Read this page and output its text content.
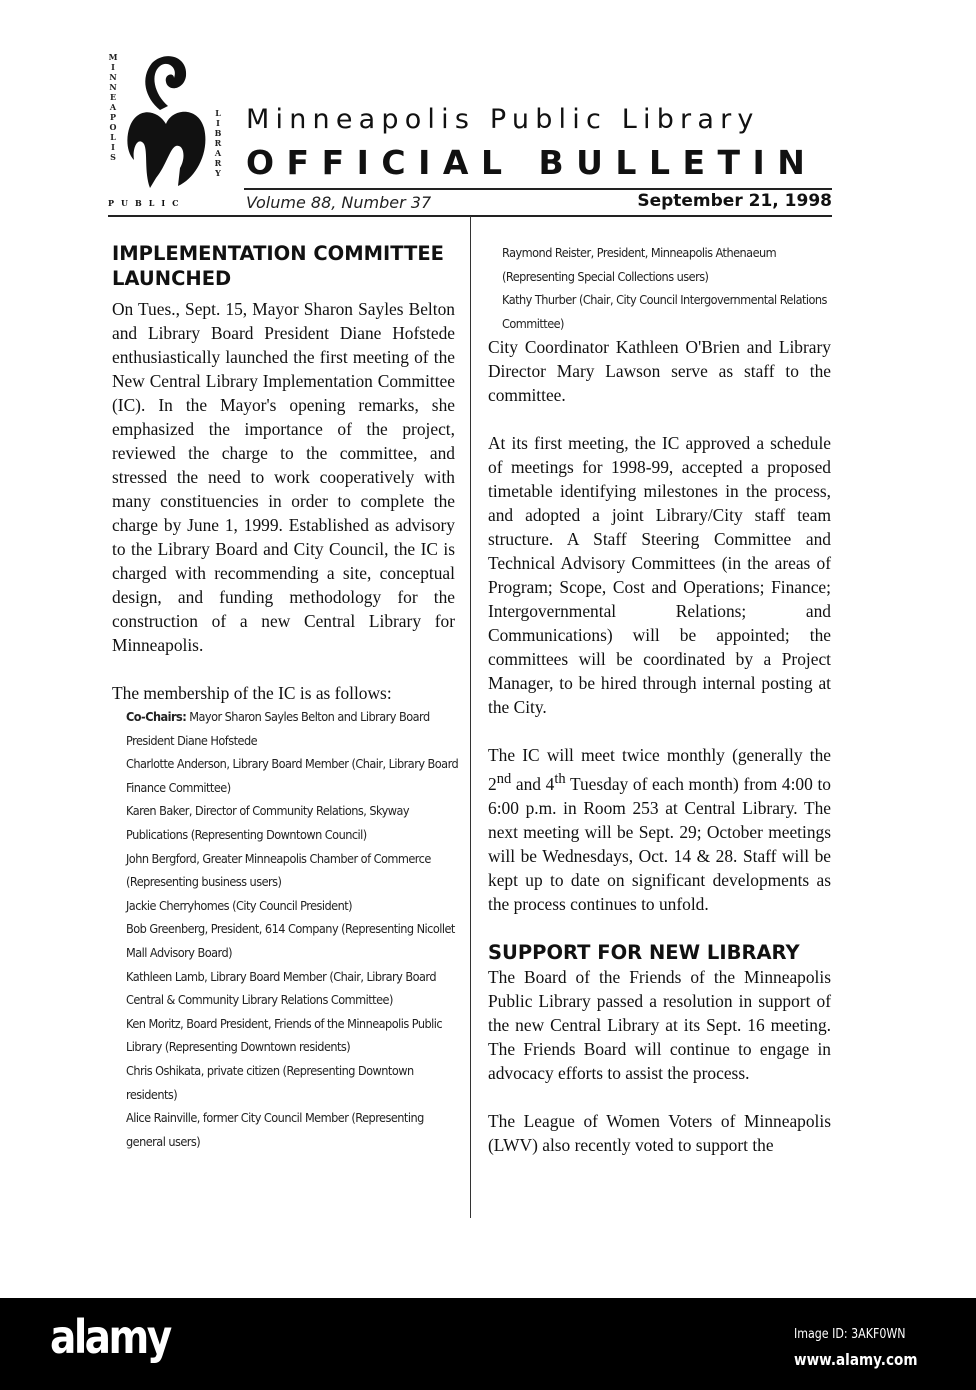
MINNEAPOLIS
PUBLIC
LIBRARY Minneapolis Public Library
OFFICIAL BULLETIN
Volume 88, Number 37	September 21, 1998
IMPLEMENTATION COMMITTEE LAUNCHED

On Tues., Sept. 15, Mayor Sharon Sayles Belton and Library Board President Diane Hofstede enthusiastically launched the first meeting of the New Central Library Implementation Committee (IC). In the Mayor's opening remarks, she emphasized the importance of the project, reviewed the charge to the committee, and stressed the need to work cooperatively with many constituencies in order to complete the charge by June 1, 1999. Established as advisory to the Library Board and City Council, the IC is charged with recommending a site, conceptual design, and funding methodology for the construction of a new Central Library for Minneapolis.

The membership of the IC is as follows:

Co-Chairs: Mayor Sharon Sayles Belton and Library Board President Diane Hofstede
Charlotte Anderson, Library Board Member (Chair, Library Board Finance Committee)
Karen Baker, Director of Community Relations, Skyway Publications (Representing Downtown Council)
John Bergford, Greater Minneapolis Chamber of Commerce (Representing business users)
Jackie Cherryhomes (City Council President)
Bob Greenberg, President, 614 Company (Representing Nicollet Mall Advisory Board)
Kathleen Lamb, Library Board Member (Chair, Library Board Central & Community Library Relations Committee)
Ken Moritz, Board President, Friends of the Minneapolis Public Library (Representing Downtown residents)
Chris Oshikata, private citizen (Representing Downtown residents)
Alice Rainville, former City Council Member (Representing general users)
Raymond Reister, President, Minneapolis Athenaeum (Representing Special Collections users)
Kathy Thurber (Chair, City Council Intergovernmental Relations Committee)

City Coordinator Kathleen O'Brien and Library Director Mary Lawson serve as staff to the committee.

At its first meeting, the IC approved a schedule of meetings for 1998-99, accepted a proposed timetable identifying milestones in the process, and adopted a joint Library/City staff team structure. A Staff Steering Committee and Technical Advisory Committees (in the areas of Program; Scope, Cost and Operations; Finance; Intergovernmental Relations; and Communications) will be appointed; the committees will be coordinated by a Project Manager, to be hired through internal posting at the City.

The IC will meet twice monthly (generally the 2nd and 4th Tuesday of each month) from 4:00 to 6:00 p.m. in Room 253 at Central Library. The next meeting will be Sept. 29; October meetings will be Wednesdays, Oct. 14 & 28. Staff will be kept up to date on significant developments as the process continues to unfold.

SUPPORT FOR NEW LIBRARY

The Board of the Friends of the Minneapolis Public Library passed a resolution in support of the new Central Library at its Sept. 16 meeting. The Friends Board will continue to engage in advocacy efforts to assist the process.

The League of Women Voters of Minneapolis (LWV) also recently voted to support the

alamy	Image ID: 3AKF0WN
www.alamy.com
